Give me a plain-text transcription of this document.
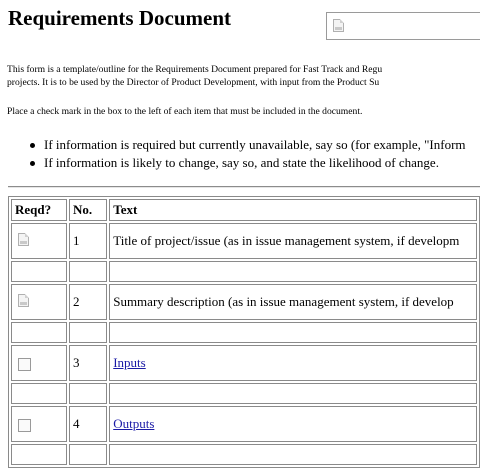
Requirements Document
This form is a template/outline for the Requirements Document prepared for Fast Track and Regu
projects. It is to be used by the Director of Product Development, with input from the Product Su
Place a check mark in the box to the left of each item that must be included in the document.
If information is required but currently unavailable, say so (for example, "Inform
If information is likely to change, say so, and state the likelihood of change.
Reqd?	No.	Text

	1	Title of project/issue (as in issue management system, if developm

	2	Summary description (as in issue management system, if develop

	3	Inputs

	4	Outputs
